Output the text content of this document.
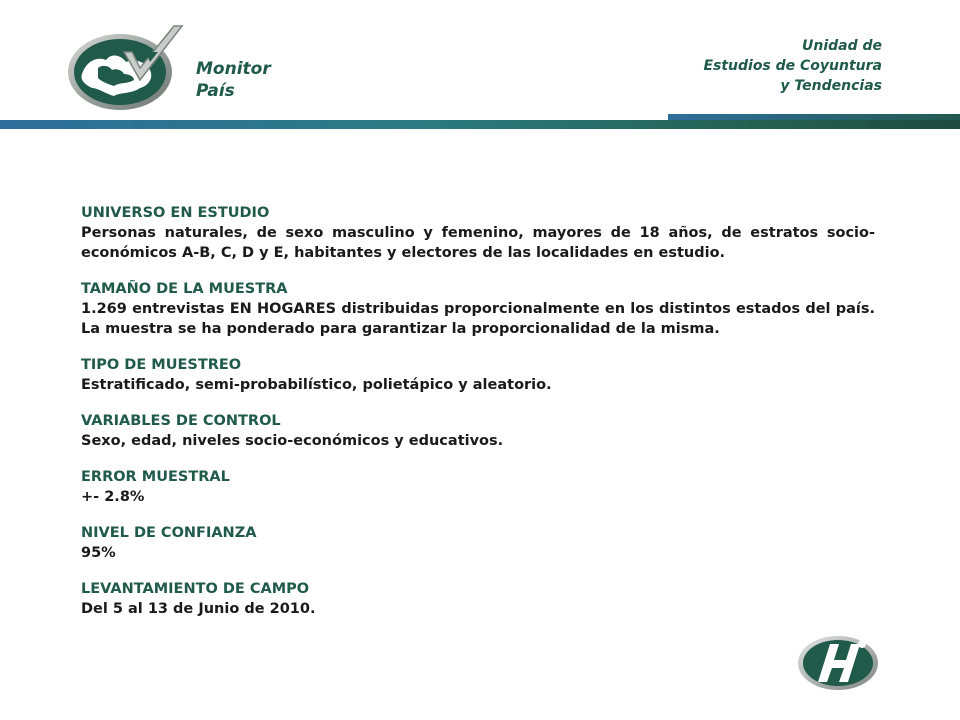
Monitor
País
Unidad de
Estudios de Coyuntura
y Tendencias
UNIVERSO EN ESTUDIO
Personas naturales, de sexo masculino y femenino, mayores de 18 años, de estratos socio-económicos A-B, C, D y E, habitantes y electores de las localidades en estudio.
TAMAÑO DE LA MUESTRA
1.269 entrevistas EN HOGARES distribuidas proporcionalmente en los distintos estados del país. La muestra se ha ponderado para garantizar la proporcionalidad de la misma.
TIPO DE MUESTREO
Estratificado, semi-probabilístico, polietápico y aleatorio.
VARIABLES DE CONTROL
Sexo, edad, niveles socio-económicos y educativos.
ERROR MUESTRAL
+- 2.8%
NIVEL DE CONFIANZA
95%
LEVANTAMIENTO DE CAMPO
Del 5 al 13 de Junio de 2010.
